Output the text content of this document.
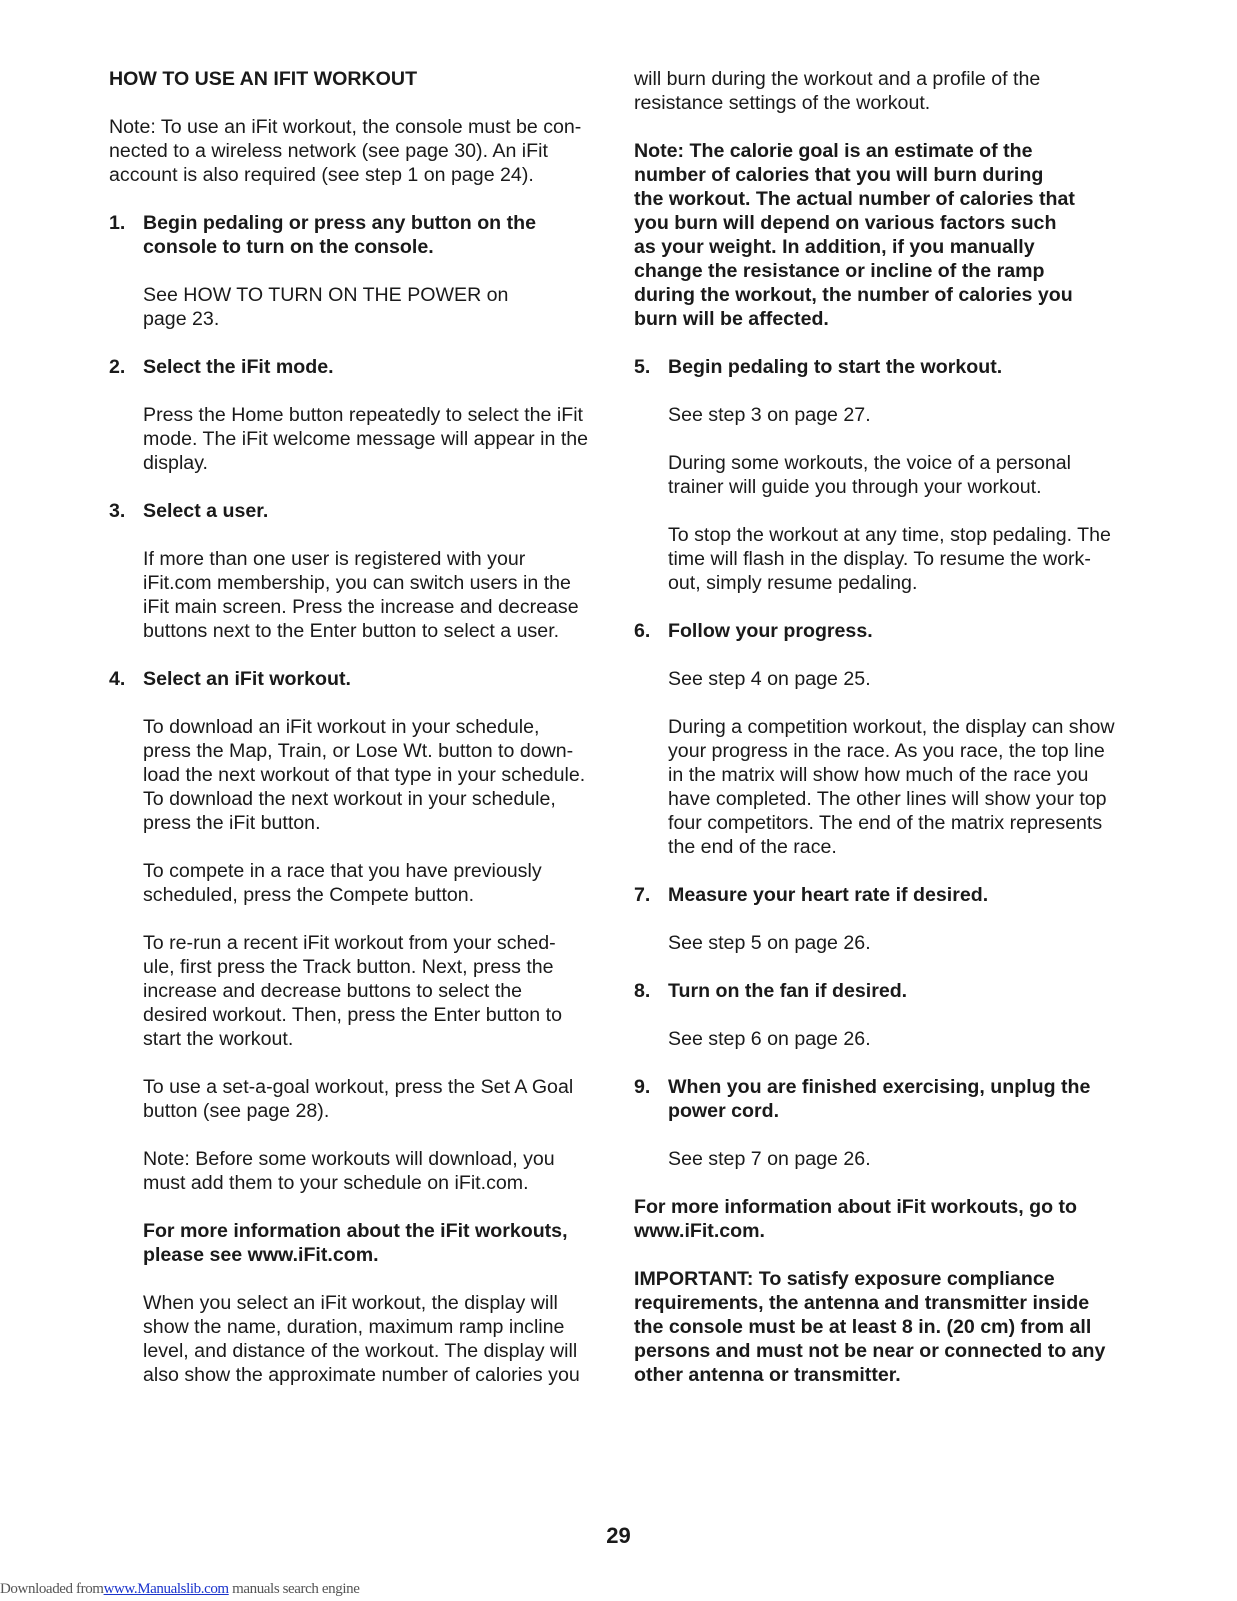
HOW TO USE AN IFIT WORKOUT

Note: To use an iFit workout, the console must be con-
nected to a wireless network (see page 30). An iFit
account is also required (see step 1 on page 24).

1. Begin pedaling or press any button on the
console to turn on the console.

See HOW TO TURN ON THE POWER on
page 23.

2. Select the iFit mode.

Press the Home button repeatedly to select the iFit
mode. The iFit welcome message will appear in the
display.

3. Select a user.

If more than one user is registered with your
iFit.com membership, you can switch users in the
iFit main screen. Press the increase and decrease
buttons next to the Enter button to select a user.

4. Select an iFit workout.

To download an iFit workout in your schedule,
press the Map, Train, or Lose Wt. button to down-
load the next workout of that type in your schedule.
To download the next workout in your schedule,
press the iFit button.

To compete in a race that you have previously
scheduled, press the Compete button.

To re-run a recent iFit workout from your sched-
ule, first press the Track button. Next, press the
increase and decrease buttons to select the
desired workout. Then, press the Enter button to
start the workout.

To use a set-a-goal workout, press the Set A Goal
button (see page 28).

Note: Before some workouts will download, you
must add them to your schedule on iFit.com.

For more information about the iFit workouts,
please see www.iFit.com.

When you select an iFit workout, the display will
show the name, duration, maximum ramp incline
level, and distance of the workout. The display will
also show the approximate number of calories you

will burn during the workout and a profile of the
resistance settings of the workout.

Note: The calorie goal is an estimate of the
number of calories that you will burn during
the workout. The actual number of calories that
you burn will depend on various factors such
as your weight. In addition, if you manually
change the resistance or incline of the ramp
during the workout, the number of calories you
burn will be affected.

5. Begin pedaling to start the workout.

See step 3 on page 27.

During some workouts, the voice of a personal
trainer will guide you through your workout.

To stop the workout at any time, stop pedaling. The
time will flash in the display. To resume the work-
out, simply resume pedaling.

6. Follow your progress.

See step 4 on page 25.

During a competition workout, the display can show
your progress in the race. As you race, the top line
in the matrix will show how much of the race you
have completed. The other lines will show your top
four competitors. The end of the matrix represents
the end of the race.

7. Measure your heart rate if desired.

See step 5 on page 26.

8. Turn on the fan if desired.

See step 6 on page 26.

9. When you are finished exercising, unplug the
power cord.

See step 7 on page 26.

For more information about iFit workouts, go to
www.iFit.com.

IMPORTANT: To satisfy exposure compliance
requirements, the antenna and transmitter inside
the console must be at least 8 in. (20 cm) from all
persons and must not be near or connected to any
other antenna or transmitter.

29
Downloaded fromwww.Manualslib.com manuals search engine
